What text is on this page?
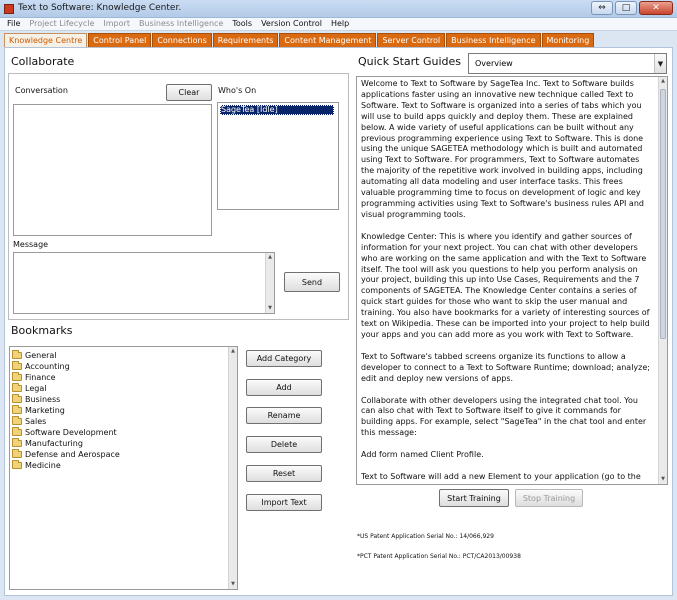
Text to Software: Knowledge Center.	⇔	□	✕
File	Project Lifecycle	Import	Business Intelligence	Tools	Version Control	Help
Knowledge Centre	Control Panel	Connections	Requirements	Content Management	Server Control	Business Intelligence	Monitoring
Collaborate
Conversation	Clear	Who's On
SageTea [Idle]
Message
▲
▼
Send
Bookmarks
General
Accounting
Finance
Legal
Business
Marketing
Sales
Software Development
Manufacturing
Defense and Aerospace
Medicine
▲
▼
Add Category
Add
Rename
Delete
Reset
Import Text
Quick Start Guides Overview	▼

Welcome to Text to Software by SageTea Inc. Text to Software builds applications faster using an innovative new technique called Text to Software. Text to Software is organized into a series of tabs which you will use to build apps quickly and deploy them. These are explained below. A wide variety of useful applications can be built without any previous programming experience using Text to Software. This is done using the unique SAGETEA methodology which is built and automated using Text to Software. For programmers, Text to Software automates the majority of the repetitive work involved in building apps, including automating all data modeling and user interface tasks. This frees valuable programming time to focus on development of logic and key programming activities using Text to Software's business rules API and visual programming tools.

Knowledge Center: This is where you identify and gather sources of information for your next project. You can chat with other developers who are working on the same application and with the Text to Software itself. The tool will ask you questions to help you perform analysis on your project, building this up into Use Cases, Requirements and the 7 components of SAGETEA. The Knowledge Center contains a series of quick start guides for those who want to skip the user manual and training. You also have bookmarks for a variety of interesting sources of text on Wikipedia. These can be imported into your project to help build your apps and you can add more as you work with Text to Software.

Text to Software's tabbed screens organize its functions to allow a developer to connect to a Text to Software Runtime; download; analyze; edit and deploy new versions of apps.

Collaborate with other developers using the integrated chat tool. You can also chat with Text to Software itself to give it commands for building apps. For example, select "SageTea" in the chat tool and enter this message:

Add form named Client Profile.

Text to Software will add a new Element to your application (go to the

▲
▼
Start Training	Stop Training
*US Patent Application Serial No.: 14/066,929
*PCT Patent Application Serial No.: PCT/CA2013/00938
